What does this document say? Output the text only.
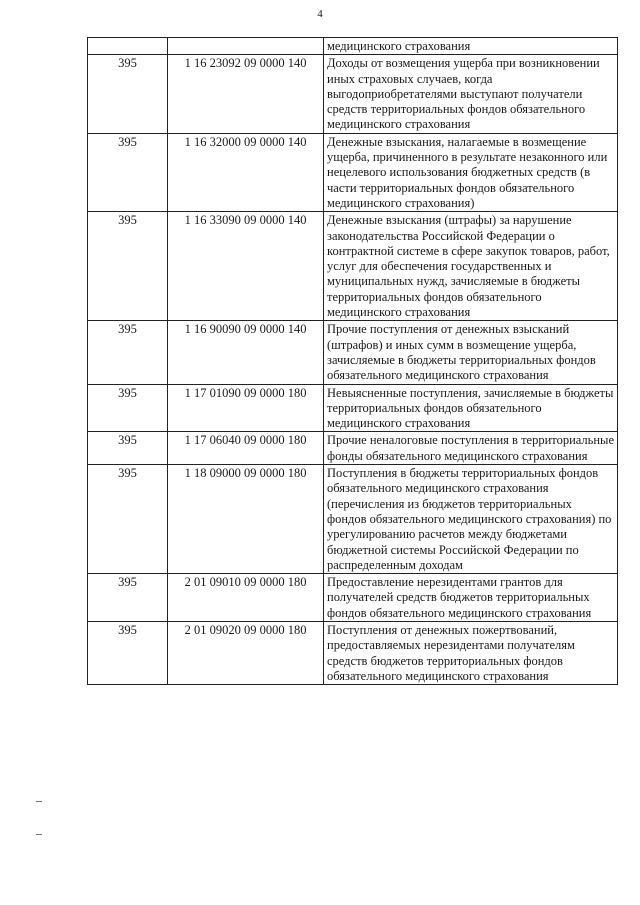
4
		медицинского страхования
395	1 16 23092 09 0000 140	Доходы от возмещения ущерба при возникновении иных страховых случаев, когда выгодоприобретателями выступают получатели средств территориальных фондов обязательного медицинского страхования
395	1 16 32000 09 0000 140	Денежные взыскания, налагаемые в возмещение ущерба, причиненного в результате незаконного или нецелевого использования бюджетных средств (в части территориальных фондов обязательного медицинского страхования)
395	1 16 33090 09 0000 140	Денежные взыскания (штрафы) за нарушение законодательства Российской Федерации о контрактной системе в сфере закупок товаров, работ, услуг для обеспечения государственных и муниципальных нужд, зачисляемые в бюджеты территориальных фондов обязательного медицинского страхования
395	1 16 90090 09 0000 140	Прочие поступления от денежных взысканий (штрафов) и иных сумм в возмещение ущерба, зачисляемые в бюджеты территориальных фондов обязательного медицинского страхования
395	1 17 01090 09 0000 180	Невыясненные поступления, зачисляемые в бюджеты территориальных фондов обязательного медицинского страхования
395	1 17 06040 09 0000 180	Прочие неналоговые поступления в территориальные фонды обязательного медицинского страхования
395	1 18 09000 09 0000 180	Поступления в бюджеты территориальных фондов обязательного медицинского страхования (перечисления из бюджетов территориальных фондов обязательного медицинского страхования) по урегулированию расчетов между бюджетами бюджетной системы Российской Федерации по распределенным доходам
395	2 01 09010 09 0000 180	Предоставление нерезидентами грантов для получателей средств бюджетов территориальных фондов обязательного медицинского страхования
395	2 01 09020 09 0000 180	Поступления от денежных пожертвований, предоставляемых нерезидентами получателям средств бюджетов территориальных фондов обязательного медицинского страхования
